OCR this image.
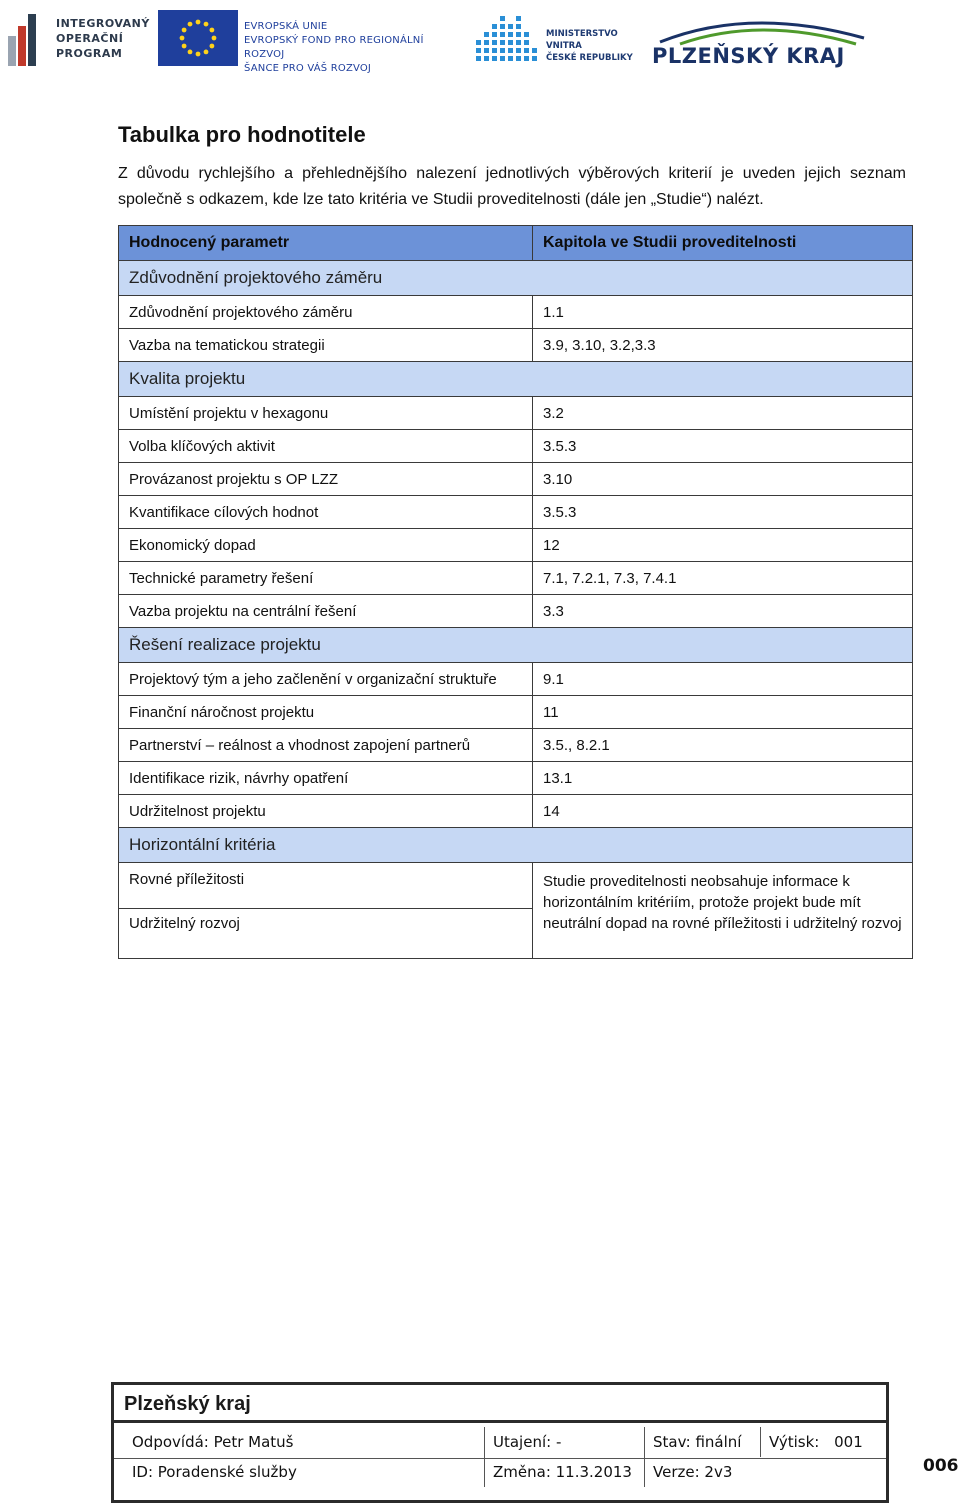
INTEGROVANÝ
OPERAČNÍ
PROGRAM
EVROPSKÁ UNIE
EVROPSKÝ FOND PRO REGIONÁLNÍ ROZVOJ
ŠANCE PRO VÁŠ ROZVOJ
MINISTERSTVO VNITRA
ČESKÉ REPUBLIKY PLZEŇSKÝ KRAJ
Tabulka pro hodnotitele

Z důvodu rychlejšího a přehlednějšího nalezení jednotlivých výběrových kriterií je uveden jejich seznam společně s odkazem, kde lze tato kritéria ve Studii proveditelnosti (dále jen „Studie“) nalézt.

Hodnocený parametr	Kapitola ve Studii proveditelnosti
Zdůvodnění projektového záměru	
Zdůvodnění projektového záměru	1.1
Vazba na tematickou strategii	3.9, 3.10, 3.2,3.3
Kvalita projektu	
Umístění projektu v hexagonu	3.2
Volba klíčových aktivit	3.5.3
Provázanost projektu s OP LZZ	3.10
Kvantifikace cílových hodnot	3.5.3
Ekonomický dopad	12
Technické parametry řešení	7.1, 7.2.1, 7.3, 7.4.1
Vazba projektu na centrální řešení	3.3
Řešení realizace projektu	
Projektový tým a jeho začlenění v organizační struktuře	9.1
Finanční náročnost projektu	11
Partnerství – reálnost a vhodnost zapojení partnerů	3.5., 8.2.1
Identifikace rizik, návrhy opatření	13.1
Udržitelnost projektu	14
Horizontální kritéria	

Rovné příležitosti
Udržitelný rozvoj	Studie proveditelnosti neobsahuje informace k horizontálním kritériím, protože projekt bude mít neutrální dopad na rovné příležitosti i udržitelný rozvoj
Plzeňský kraj
Odpovídá: Petr Matuš	Utajení: -	Stav: finální	Výtisk: 001
ID: Poradenské služby	Změna: 11.3.2013	Verze: 2v3	006
